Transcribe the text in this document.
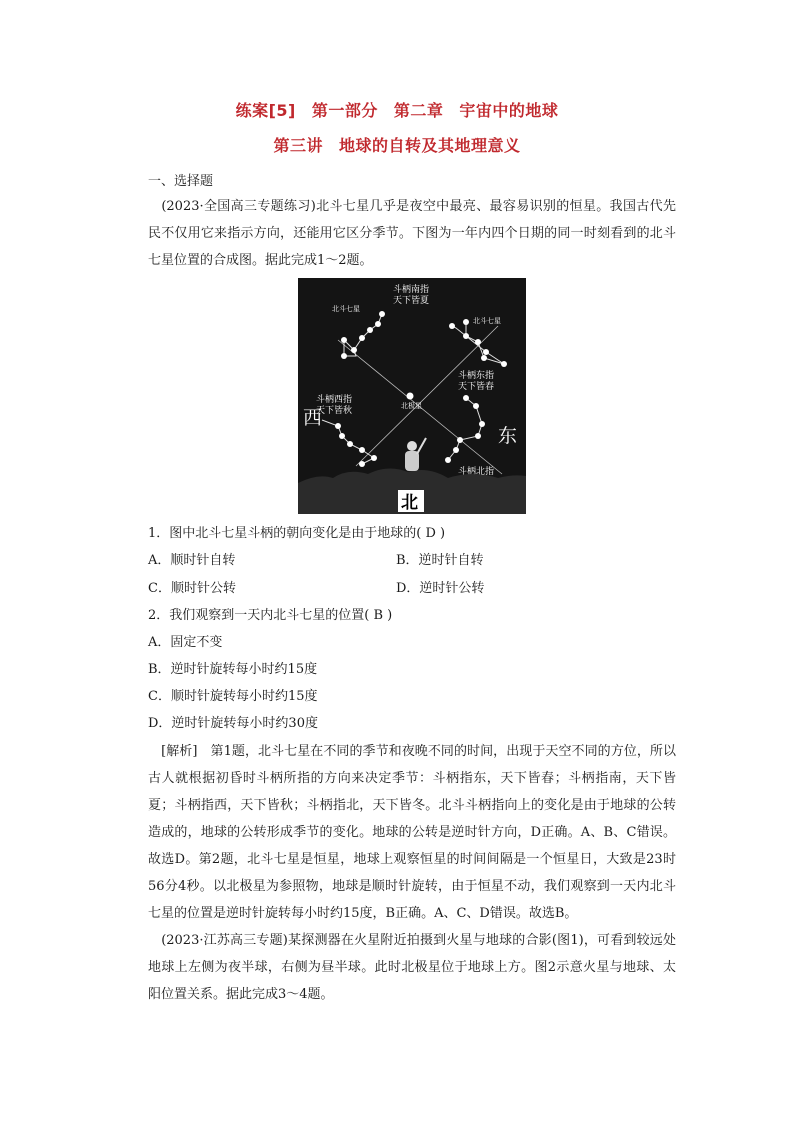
练案[5] 第一部分 第二章 宇宙中的地球
第三讲 地球的自转及其地理意义
一、选择题
　(2023·全国高三专题练习)北斗七星几乎是夜空中最亮、最容易识别的恒星。我国古代先民不仅用它来指示方向，还能用它区分季节。下图为一年内四个日期的同一时刻看到的北斗七星位置的合成图。据此完成1～2题。
北斗七星
北斗七星
北极星
斗柄南指
天下皆夏
斗柄东指
天下皆春
斗柄西指
天下皆秋
斗柄北指
西
东
北
1．图中北斗七星斗柄的朝向变化是由于地球的( D )
A．顺时针自转	B．逆时针自转
C．顺时针公转	D．逆时针公转
2．我们观察到一天内北斗七星的位置( B )
A．固定不变
B．逆时针旋转每小时约15度
C．顺时针旋转每小时约15度
D．逆时针旋转每小时约30度
　[解析]　第1题，北斗七星在不同的季节和夜晚不同的时间，出现于天空不同的方位，所以古人就根据初昏时斗柄所指的方向来决定季节：斗柄指东，天下皆春；斗柄指南，天下皆夏；斗柄指西，天下皆秋；斗柄指北，天下皆冬。北斗斗柄指向上的变化是由于地球的公转造成的，地球的公转形成季节的变化。地球的公转是逆时针方向，D正确。A、B、C错误。故选D。第2题，北斗七星是恒星，地球上观察恒星的时间间隔是一个恒星日，大致是23时56分4秒。以北极星为参照物，地球是顺时针旋转，由于恒星不动，我们观察到一天内北斗七星的位置是逆时针旋转每小时约15度，B正确。A、C、D错误。故选B。
　(2023·江苏高三专题)某探测器在火星附近拍摄到火星与地球的合影(图1)，可看到较远处地球上左侧为夜半球，右侧为昼半球。此时北极星位于地球上方。图2示意火星与地球、太阳位置关系。据此完成3～4题。
